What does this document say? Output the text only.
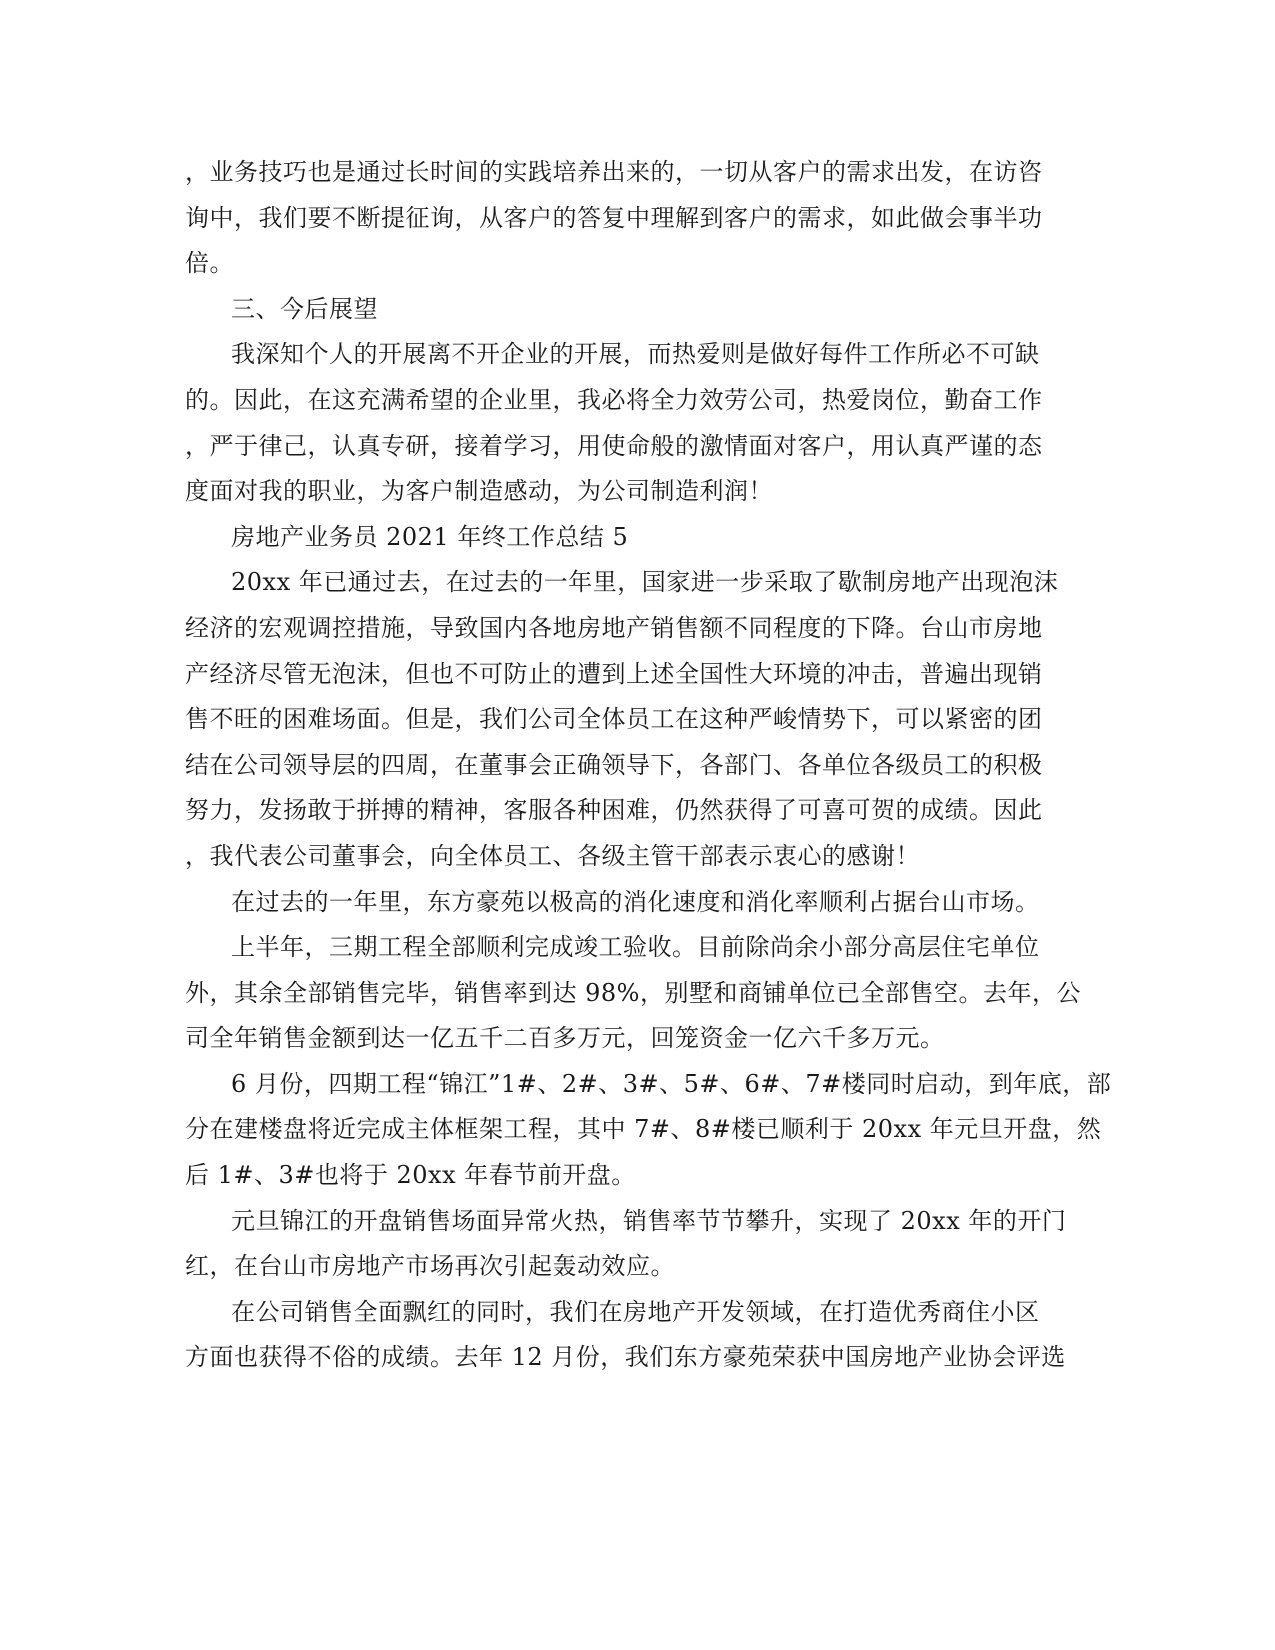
，业务技巧也是通过长时间的实践培养出来的，一切从客户的需求出发，在访咨
询中，我们要不断提征询，从客户的答复中理解到客户的需求，如此做会事半功
倍。
三、今后展望
我深知个人的开展离不开企业的开展，而热爱则是做好每件工作所必不可缺
的。因此，在这充满希望的企业里，我必将全力效劳公司，热爱岗位，勤奋工作
，严于律己，认真专研，接着学习，用使命般的激情面对客户，用认真严谨的态
度面对我的职业，为客户制造感动，为公司制造利润！
房地产业务员 2021 年终工作总结 5
20xx 年已通过去，在过去的一年里，国家进一步采取了歇制房地产出现泡沫
经济的宏观调控措施，导致国内各地房地产销售额不同程度的下降。台山市房地
产经济尽管无泡沫，但也不可防止的遭到上述全国性大环境的冲击，普遍出现销
售不旺的困难场面。但是，我们公司全体员工在这种严峻情势下，可以紧密的团
结在公司领导层的四周，在董事会正确领导下，各部门、各单位各级员工的积极
努力，发扬敢于拼搏的精神，客服各种困难，仍然获得了可喜可贺的成绩。因此
，我代表公司董事会，向全体员工、各级主管干部表示衷心的感谢！
在过去的一年里，东方豪苑以极高的消化速度和消化率顺利占据台山市场。
上半年，三期工程全部顺利完成竣工验收。目前除尚余小部分高层住宅单位
外，其余全部销售完毕，销售率到达 98%，别墅和商铺单位已全部售空。去年，公
司全年销售金额到达一亿五千二百多万元，回笼资金一亿六千多万元。
6 月份，四期工程“锦江”1#、2#、3#、5#、6#、7#楼同时启动，到年底，部
分在建楼盘将近完成主体框架工程，其中 7#、8#楼已顺利于 20xx 年元旦开盘，然
后 1#、3#也将于 20xx 年春节前开盘。
元旦锦江的开盘销售场面异常火热，销售率节节攀升，实现了 20xx 年的开门
红，在台山市房地产市场再次引起轰动效应。
在公司销售全面飘红的同时，我们在房地产开发领域，在打造优秀商住小区
方面也获得不俗的成绩。去年 12 月份，我们东方豪苑荣获中国房地产业协会评选
